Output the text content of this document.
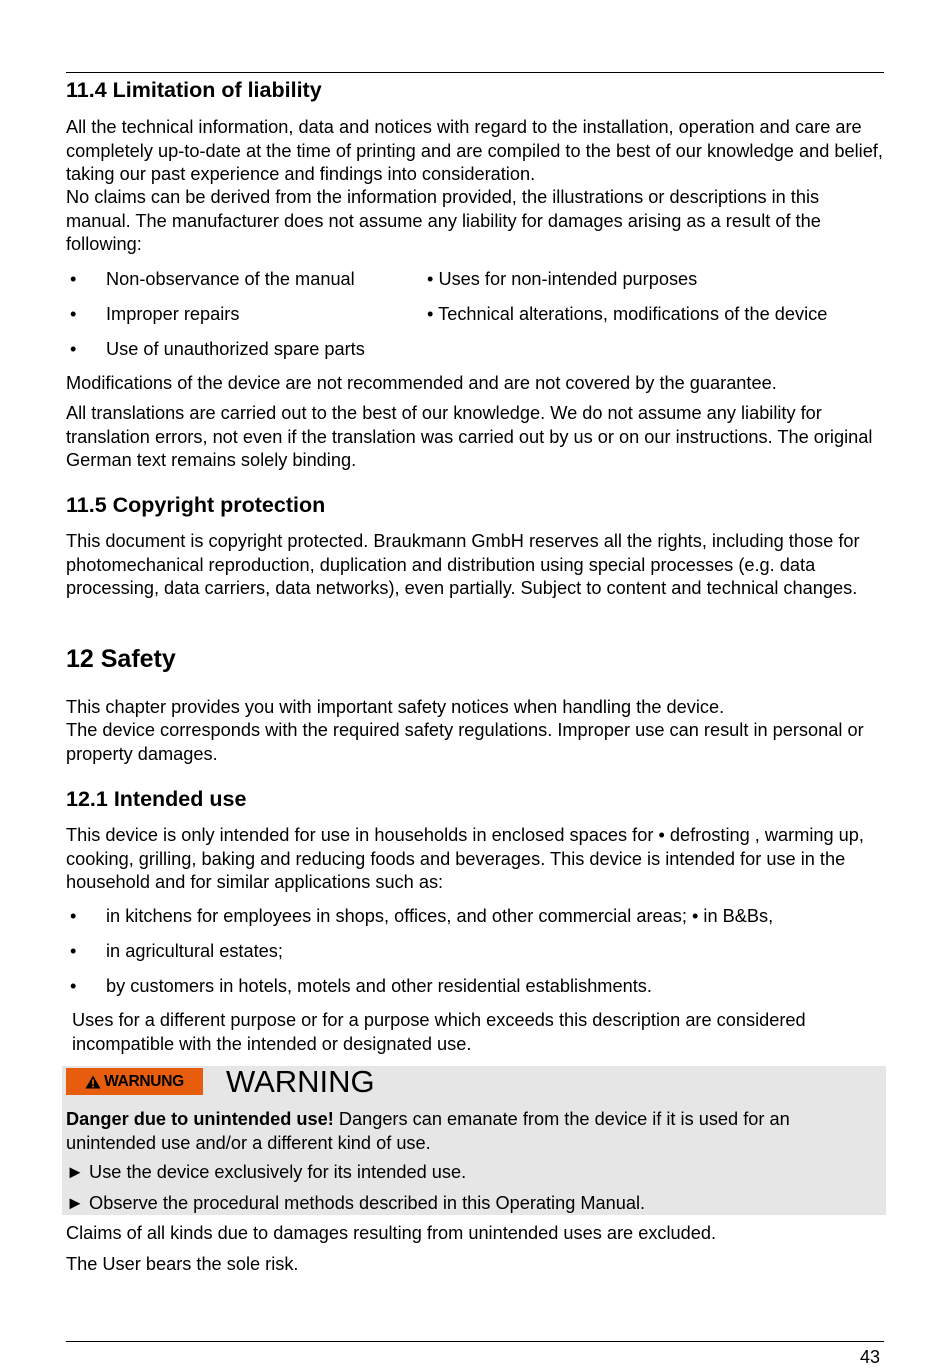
11.4 Limitation of liability

All the technical information, data and notices with regard to the installation, operation and care are completely up-to-date at the time of printing and are compiled to the best of our knowledge and belief, taking our past experience and findings into consideration.

No claims can be derived from the information provided, the illustrations or descriptions in this manual. The manufacturer does not assume any liability for damages arising as a result of the following:

• Non-observance of the manual
• Improper repairs
• Use of unauthorized spare parts
• Uses for non-intended purposes
• Technical alterations, modifications of the device

Modifications of the device are not recommended and are not covered by the guarantee.

All translations are carried out to the best of our knowledge. We do not assume any liability for translation errors, not even if the translation was carried out by us or on our instructions. The original German text remains solely binding.

11.5 Copyright protection

This document is copyright protected. Braukmann GmbH reserves all the rights, including those for photomechanical reproduction, duplication and distribution using special processes (e.g. data processing, data carriers, data networks), even partially. Subject to content and technical changes.

12 Safety

This chapter provides you with important safety notices when handling the device.

The device corresponds with the required safety regulations. Improper use can result in personal or property damages.

12.1 Intended use

This device is only intended for use in households in enclosed spaces for • defrosting , warming up, cooking, grilling, baking and reducing foods and beverages. This device is intended for use in the household and for similar applications such as:

• in kitchens for employees in shops, offices, and other commercial areas; • in B&Bs,
• in agricultural estates;
• by customers in hotels, motels and other residential establishments.

Uses for a different purpose or for a purpose which exceeds this description are considered incompatible with the intended or designated use.

WARNUNG WARNING

Danger due to unintended use! Dangers can emanate from the device if it is used for an unintended use and/or a different kind of use.

► Use the device exclusively for its intended use.

► Observe the procedural methods described in this Operating Manual.

Claims of all kinds due to damages resulting from unintended uses are excluded.

The User bears the sole risk.

43
